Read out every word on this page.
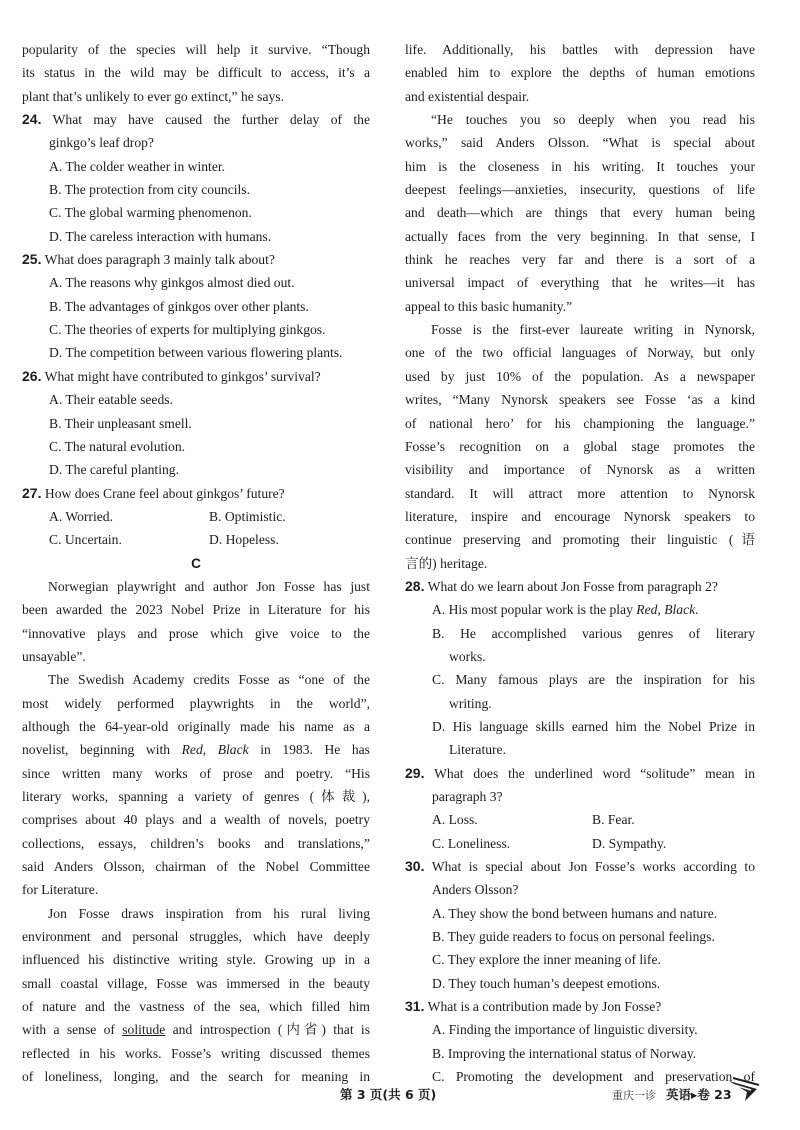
popularity of the species will help it survive. “Though
its status in the wild may be difficult to access, it’s a
plant that’s unlikely to ever go extinct,” he says.
24. What may have caused the further delay of the
ginkgo’s leaf drop?
A. The colder weather in winter.
B. The protection from city councils.
C. The global warming phenomenon.
D. The careless interaction with humans.
25. What does paragraph 3 mainly talk about?
A. The reasons why ginkgos almost died out.
B. The advantages of ginkgos over other plants.
C. The theories of experts for multiplying ginkgos.
D. The competition between various flowering plants.
26. What might have contributed to ginkgos’ survival?
A. Their eatable seeds.
B. Their unpleasant smell.
C. The natural evolution.
D. The careful planting.
27. How does Crane feel about ginkgos’ future?
A. Worried.	B. Optimistic.
C. Uncertain.	D. Hopeless.
C
Norwegian playwright and author Jon Fosse has just
been awarded the 2023 Nobel Prize in Literature for his
“innovative plays and prose which give voice to the
unsayable”.
The Swedish Academy credits Fosse as “one of the
most widely performed playwrights in the world”,
although the 64-year-old originally made his name as a
novelist, beginning with Red, Black in 1983. He has
since written many works of prose and poetry. “His
literary works, spanning a variety of genres (体裁),
comprises about 40 plays and a wealth of novels, poetry
collections, essays, children’s books and translations,”
said Anders Olsson, chairman of the Nobel Committee
for Literature.
Jon Fosse draws inspiration from his rural living
environment and personal struggles, which have deeply
influenced his distinctive writing style. Growing up in a
small coastal village, Fosse was immersed in the beauty
of nature and the vastness of the sea, which filled him
with a sense of solitude and introspection (内省) that is
reflected in his works. Fosse’s writing discussed themes
of loneliness, longing, and the search for meaning in
life. Additionally, his battles with depression have
enabled him to explore the depths of human emotions
and existential despair.
“He touches you so deeply when you read his
works,” said Anders Olsson. “What is special about
him is the closeness in his writing. It touches your
deepest feelings—anxieties, insecurity, questions of life
and death—which are things that every human being
actually faces from the very beginning. In that sense, I
think he reaches very far and there is a sort of a
universal impact of everything that he writes—it has
appeal to this basic humanity.”
Fosse is the first-ever laureate writing in Nynorsk,
one of the two official languages of Norway, but only
used by just 10% of the population. As a newspaper
writes, “Many Nynorsk speakers see Fosse ‘as a kind
of national hero’ for his championing the language.”
Fosse’s recognition on a global stage promotes the
visibility and importance of Nynorsk as a written
standard. It will attract more attention to Nynorsk
literature, inspire and encourage Nynorsk speakers to
continue preserving and promoting their linguistic (语
言的) heritage.
28. What do we learn about Jon Fosse from paragraph 2?
A. His most popular work is the play Red, Black.
B. He accomplished various genres of literary
works.
C. Many famous plays are the inspiration for his
writing.
D. His language skills earned him the Nobel Prize in
Literature.
29. What does the underlined word “solitude” mean in
paragraph 3?
A. Loss.	B. Fear.
C. Loneliness.	D. Sympathy.
30. What is special about Jon Fosse’s works according to
Anders Olsson?
A. They show the bond between humans and nature.
B. They guide readers to focus on personal feelings.
C. They explore the inner meaning of life.
D. They touch human’s deepest emotions.
31. What is a contribution made by Jon Fosse?
A. Finding the importance of linguistic diversity.
B. Improving the international status of Norway.
C. Promoting the development and preservation of
第 3 页(共 6 页)	重庆一诊 英语▸卷 23
